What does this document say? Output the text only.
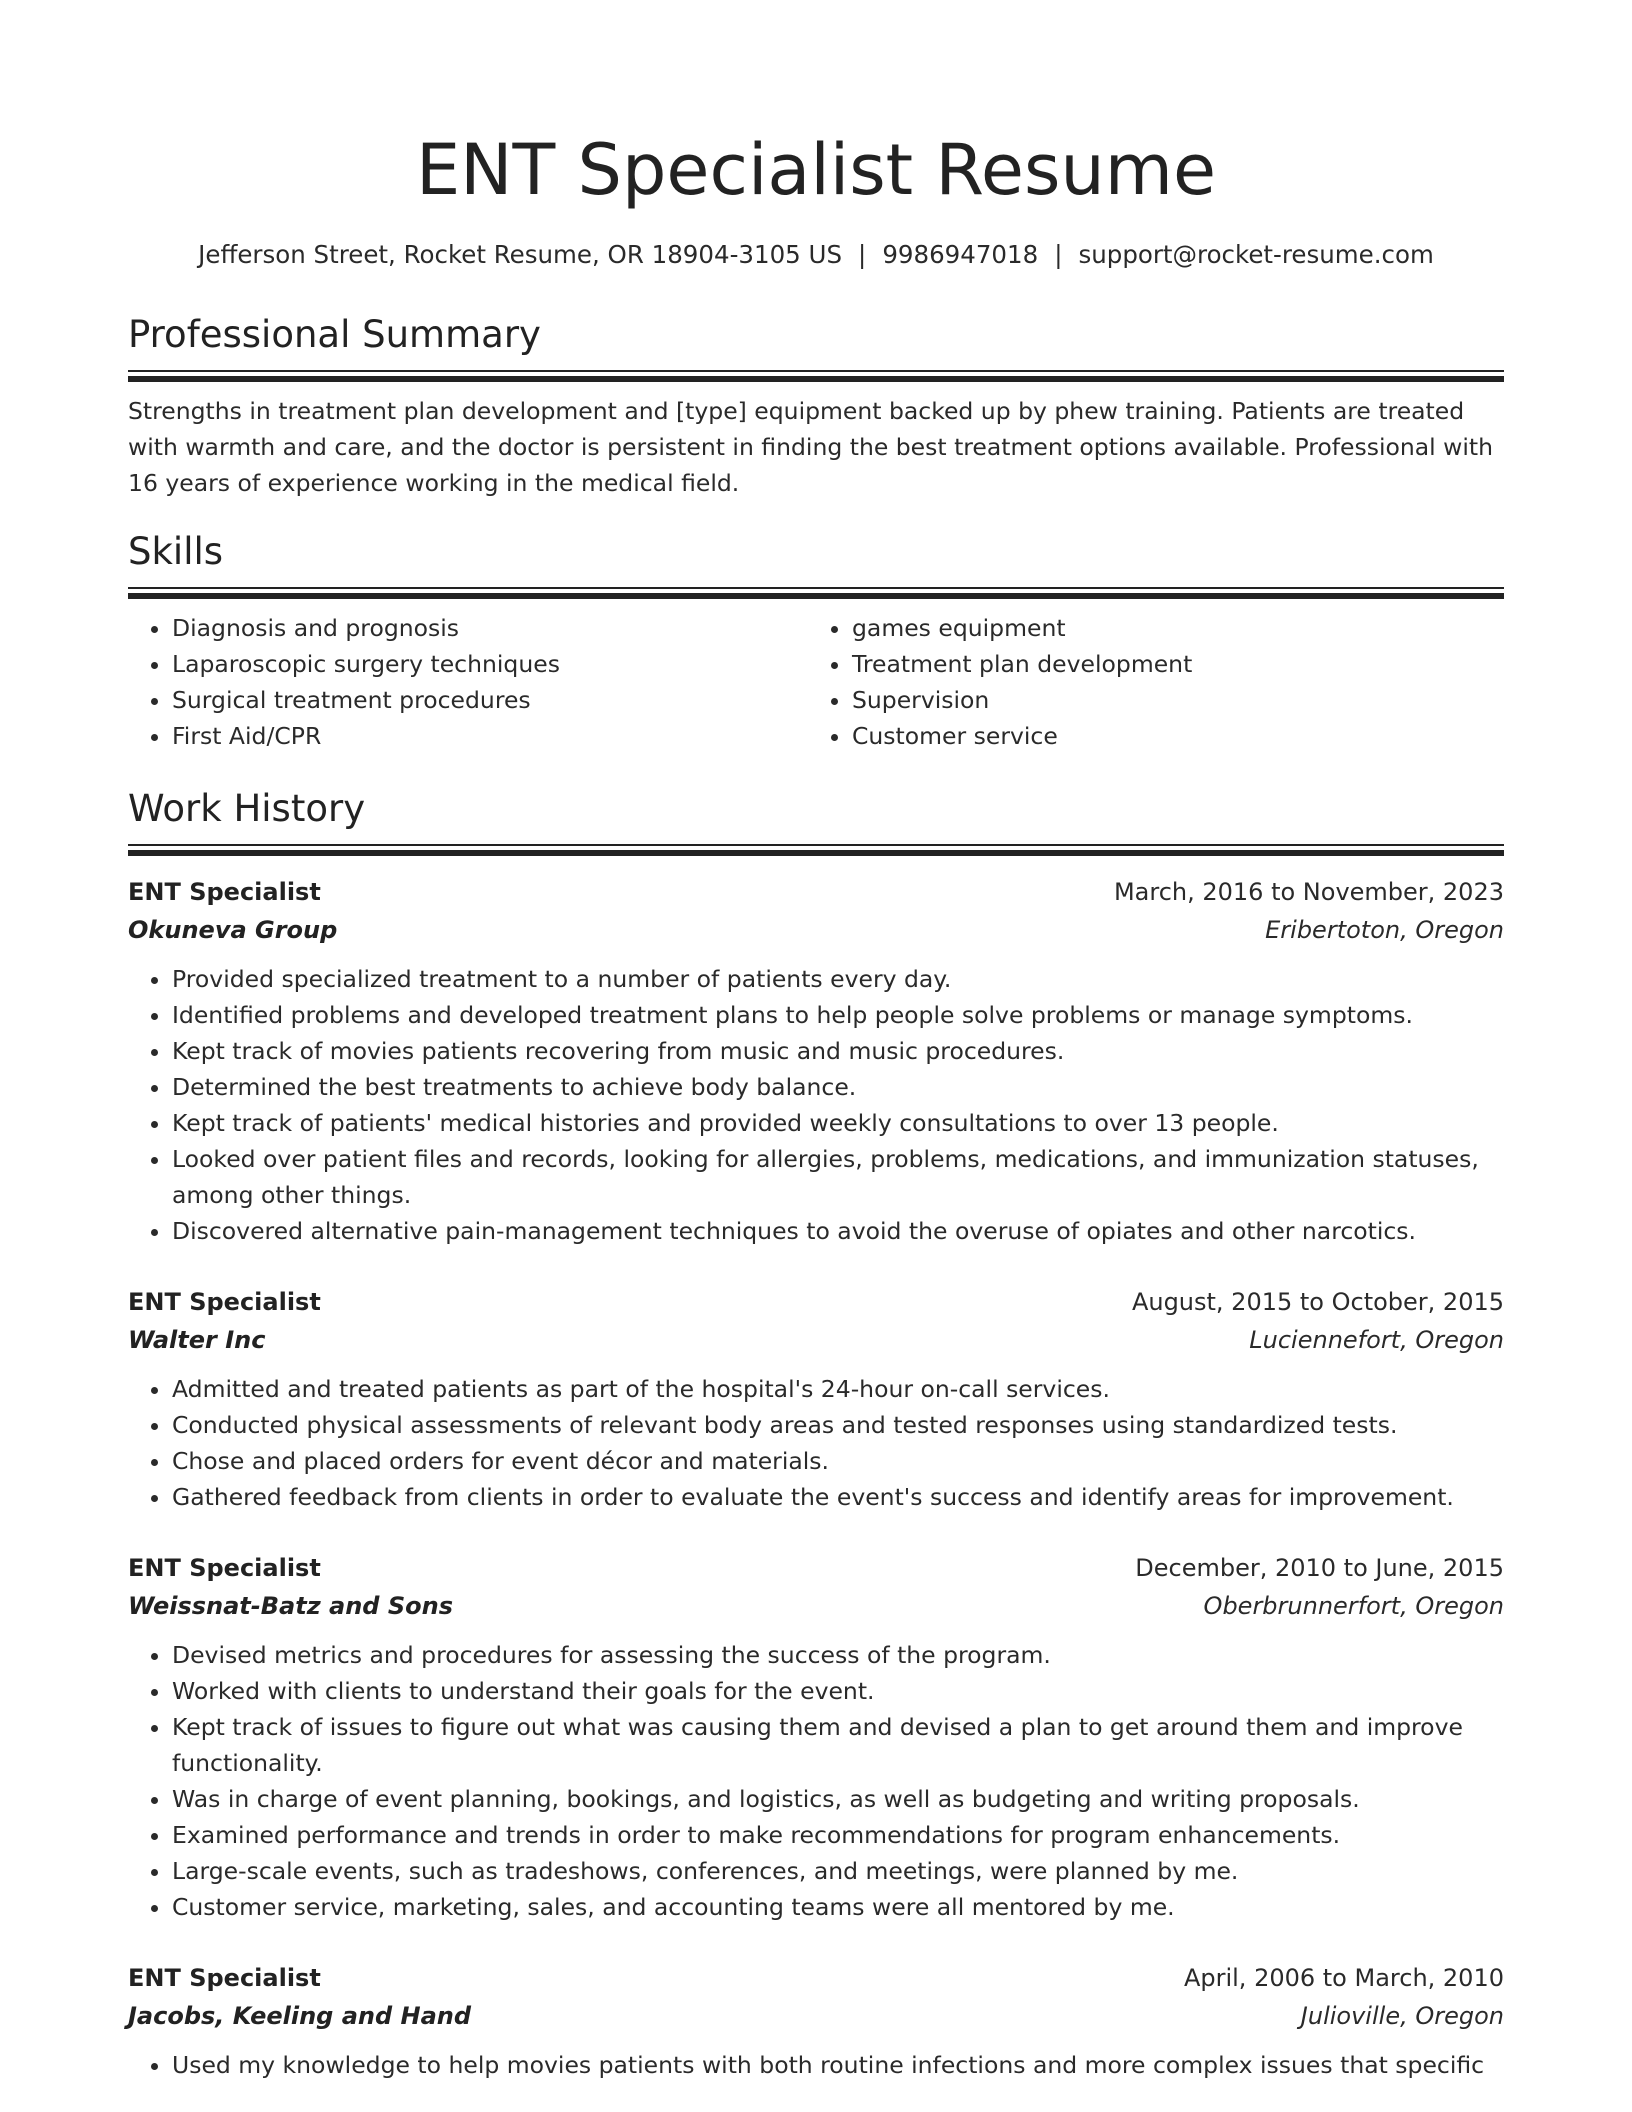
ENT Specialist Resume
Jefferson Street, Rocket Resume, OR 18904-3105 US | 9986947018 | support@rocket-resume.com
Professional Summary

Strengths in treatment plan development and [type] equipment backed up by phew training. Patients are treated with warmth and care, and the doctor is persistent in finding the best treatment options available. Professional with 16 years of experience working in the medical field.

Skills
• Diagnosis and prognosis
• Laparoscopic surgery techniques
• Surgical treatment procedures
• First Aid/CPR
• games equipment
• Treatment plan development
• Supervision
• Customer service
Work History
ENT Specialist	March, 2016 to November, 2023
Okuneva Group	Eribertoton, Oregon
• Provided specialized treatment to a number of patients every day.
• Identified problems and developed treatment plans to help people solve problems or manage symptoms.
• Kept track of movies patients recovering from music and music procedures.
• Determined the best treatments to achieve body balance.
• Kept track of patients' medical histories and provided weekly consultations to over 13 people.
• Looked over patient files and records, looking for allergies, problems, medications, and immunization statuses, among other things.
• Discovered alternative pain-management techniques to avoid the overuse of opiates and other narcotics.
ENT Specialist	August, 2015 to October, 2015
Walter Inc	Luciennefort, Oregon
• Admitted and treated patients as part of the hospital's 24-hour on-call services.
• Conducted physical assessments of relevant body areas and tested responses using standardized tests.
• Chose and placed orders for event décor and materials.
• Gathered feedback from clients in order to evaluate the event's success and identify areas for improvement.
ENT Specialist	December, 2010 to June, 2015
Weissnat-Batz and Sons	Oberbrunnerfort, Oregon
• Devised metrics and procedures for assessing the success of the program.
• Worked with clients to understand their goals for the event.
• Kept track of issues to figure out what was causing them and devised a plan to get around them and improve functionality.
• Was in charge of event planning, bookings, and logistics, as well as budgeting and writing proposals.
• Examined performance and trends in order to make recommendations for program enhancements.
• Large-scale events, such as tradeshows, conferences, and meetings, were planned by me.
• Customer service, marketing, sales, and accounting teams were all mentored by me.
ENT Specialist	April, 2006 to March, 2010
Jacobs, Keeling and Hand	Julioville, Oregon
• Used my knowledge to help movies patients with both routine infections and more complex issues that specific
